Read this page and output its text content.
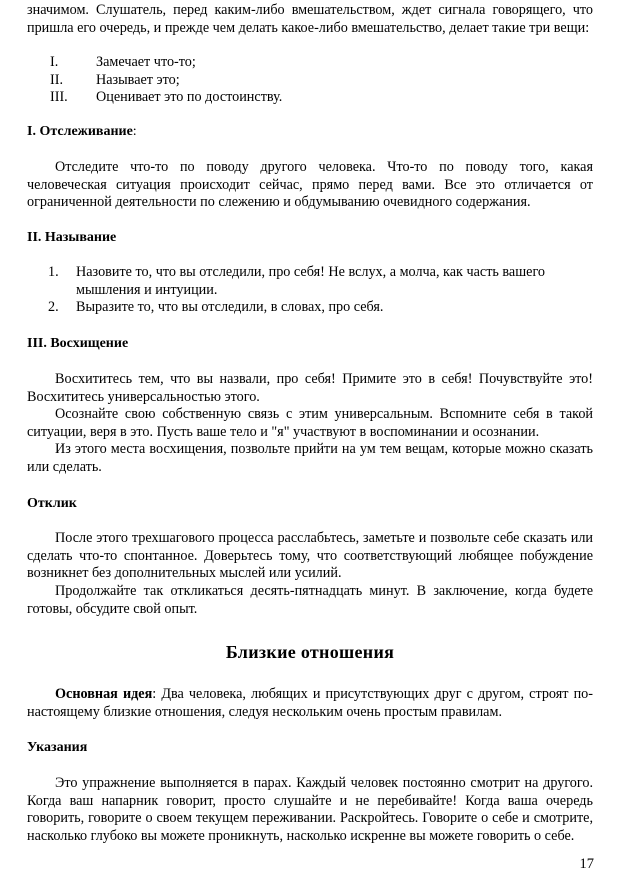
значимом. Слушатель, перед каким-либо вмешательством, ждет сигнала говорящего, что пришла его очередь, и прежде чем делать какое-либо вмешательство, делает такие три вещи:

I.	Замечает что-то;

II. Называет это;

III. Оценивает это по достоинству.

I. Отслеживание:

Отследите что-то по поводу другого человека. Что-то по поводу того, какая человеческая ситуация происходит сейчас, прямо перед вами. Все это отличается от ограниченной деятельности по слежению и обдумыванию очевидного содержания.

II. Называние

1. Назовите то, что вы отследили, про себя! Не вслух, а молча, как часть вашего мышления и интуиции.

2. Выразите то, что вы отследили, в словах, про себя.

III. Восхищение

Восхититесь тем, что вы назвали, про себя! Примите это в себя! Почувствуйте это! Восхититесь универсальностью этого.

Осознайте свою собственную связь с этим универсальным. Вспомните себя в такой ситуации, веря в это. Пусть ваше тело и "я" участвуют в воспоминании и осознании.

Из этого места восхищения, позвольте прийти на ум тем вещам, которые можно сказать или сделать.

Отклик

После этого трехшагового процесса расслабьтесь, заметьте и позвольте себе сказать или сделать что-то спонтанное. Доверьтесь тому, что соответствующий любящее побуждение возникнет без дополнительных мыслей или усилий.

Продолжайте так откликаться десять-пятнадцать минут. В заключение, когда будете готовы, обсудите свой опыт.

Близкие отношения

Основная идея: Два человека, любящих и присутствующих друг с другом, строят по-настоящему близкие отношения, следуя нескольким очень простым правилам.

Указания

Это упражнение выполняется в парах. Каждый человек постоянно смотрит на другого. Когда ваш напарник говорит, просто слушайте и не перебивайте! Когда ваша очередь говорить, говорите о своем текущем переживании. Раскройтесь. Говорите о себе и смотрите, насколько глубоко вы можете проникнуть, насколько искренне вы можете говорить о себе.

17
